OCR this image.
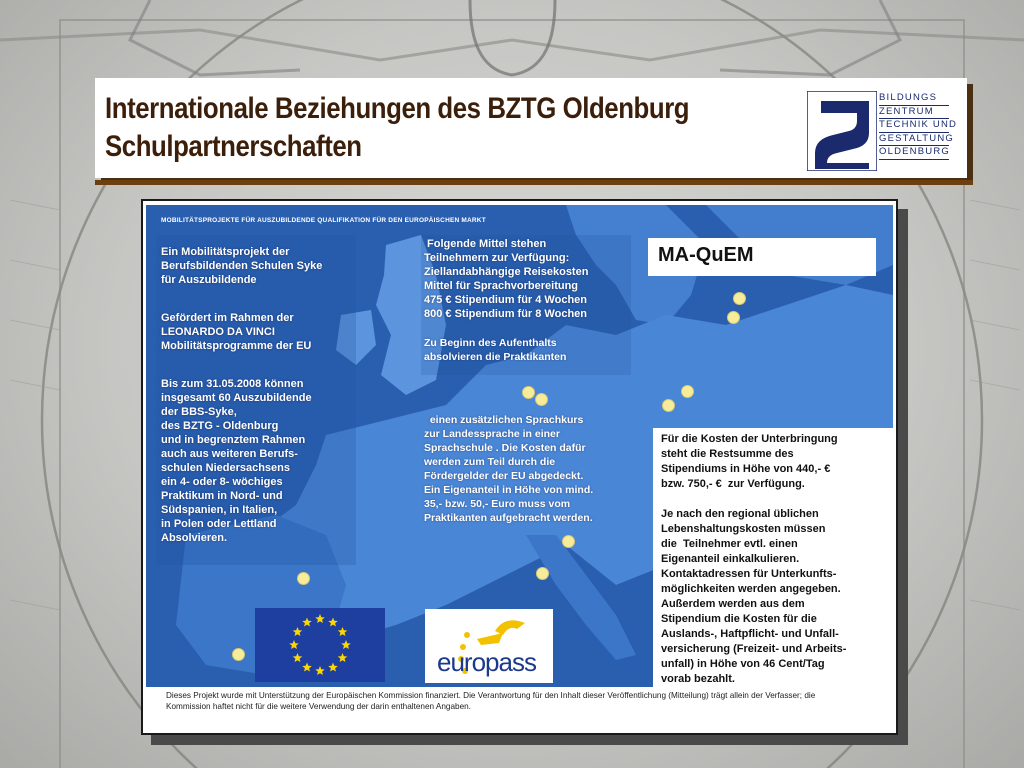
Internationale Beziehungen des BZTG Oldenburg
Schulpartnerschaften
BILDUNGS
ZENTRUM
TECHNIK UND
GESTALTUNG
OLDENBURG
MOBILITÄTSPROJEKTE FÜR AUSZUBILDENDE QUALIFIKATION FÜR DEN EUROPÄISCHEN MARKT
Ein Mobilitätsprojekt der
Berufsbildenden Schulen Syke
für Auszubildende
Gefördert im Rahmen der
LEONARDO DA VINCI
Mobilitätsprogramme der EU
Bis zum 31.05.2008 können
insgesamt 60 Auszubildende
der BBS-Syke,
des BZTG - Oldenburg
und in begrenztem Rahmen
auch aus weiteren Berufs-
schulen Niedersachsens
ein 4- oder 8- wöchiges
Praktikum in Nord- und
Südspanien, in Italien,
in Polen oder Lettland
Absolvieren.
Folgende Mittel stehen
Teilnehmern zur Verfügung:
Ziellandabhängige Reisekosten
Mittel für Sprachvorbereitung
475 € Stipendium für 4 Wochen
800 € Stipendium für 8 Wochen
Zu Beginn des Aufenthalts
absolvieren die Praktikanten
einen zusätzlichen Sprachkurs
zur Landessprache in einer
Sprachschule . Die Kosten dafür
werden zum Teil durch die
Fördergelder der EU abgedeckt.
Ein Eigenanteil in Höhe von mind.
35,- bzw. 50,- Euro muss vom
Praktikanten aufgebracht werden.
MA-QuEM
Für die Kosten der Unterbringung
steht die Restsumme des
Stipendiums in Höhe von 440,- €
bzw. 750,- €  zur Verfügung.

Je nach den regional üblichen
Lebenshaltungskosten müssen
die  Teilnehmer evtl. einen
Eigenanteil einkalkulieren.
Kontaktadressen für Unterkunfts-
möglichkeiten werden angegeben.
Außerdem werden aus dem
Stipendium die Kosten für die
Auslands-, Haftpflicht- und Unfall-
versicherung (Freizeit- und Arbeits-
unfall) in Höhe von 46 Cent/Tag
vorab bezahlt.
europass
Dieses Projekt wurde mit Unterstützung der Europäischen Kommission finanziert. Die Verantwortung für den Inhalt dieser Veröffentlichung (Mitteilung) trägt allein der Verfasser; die
Kommission haftet nicht für die weitere Verwendung der darin enthaltenen Angaben.
